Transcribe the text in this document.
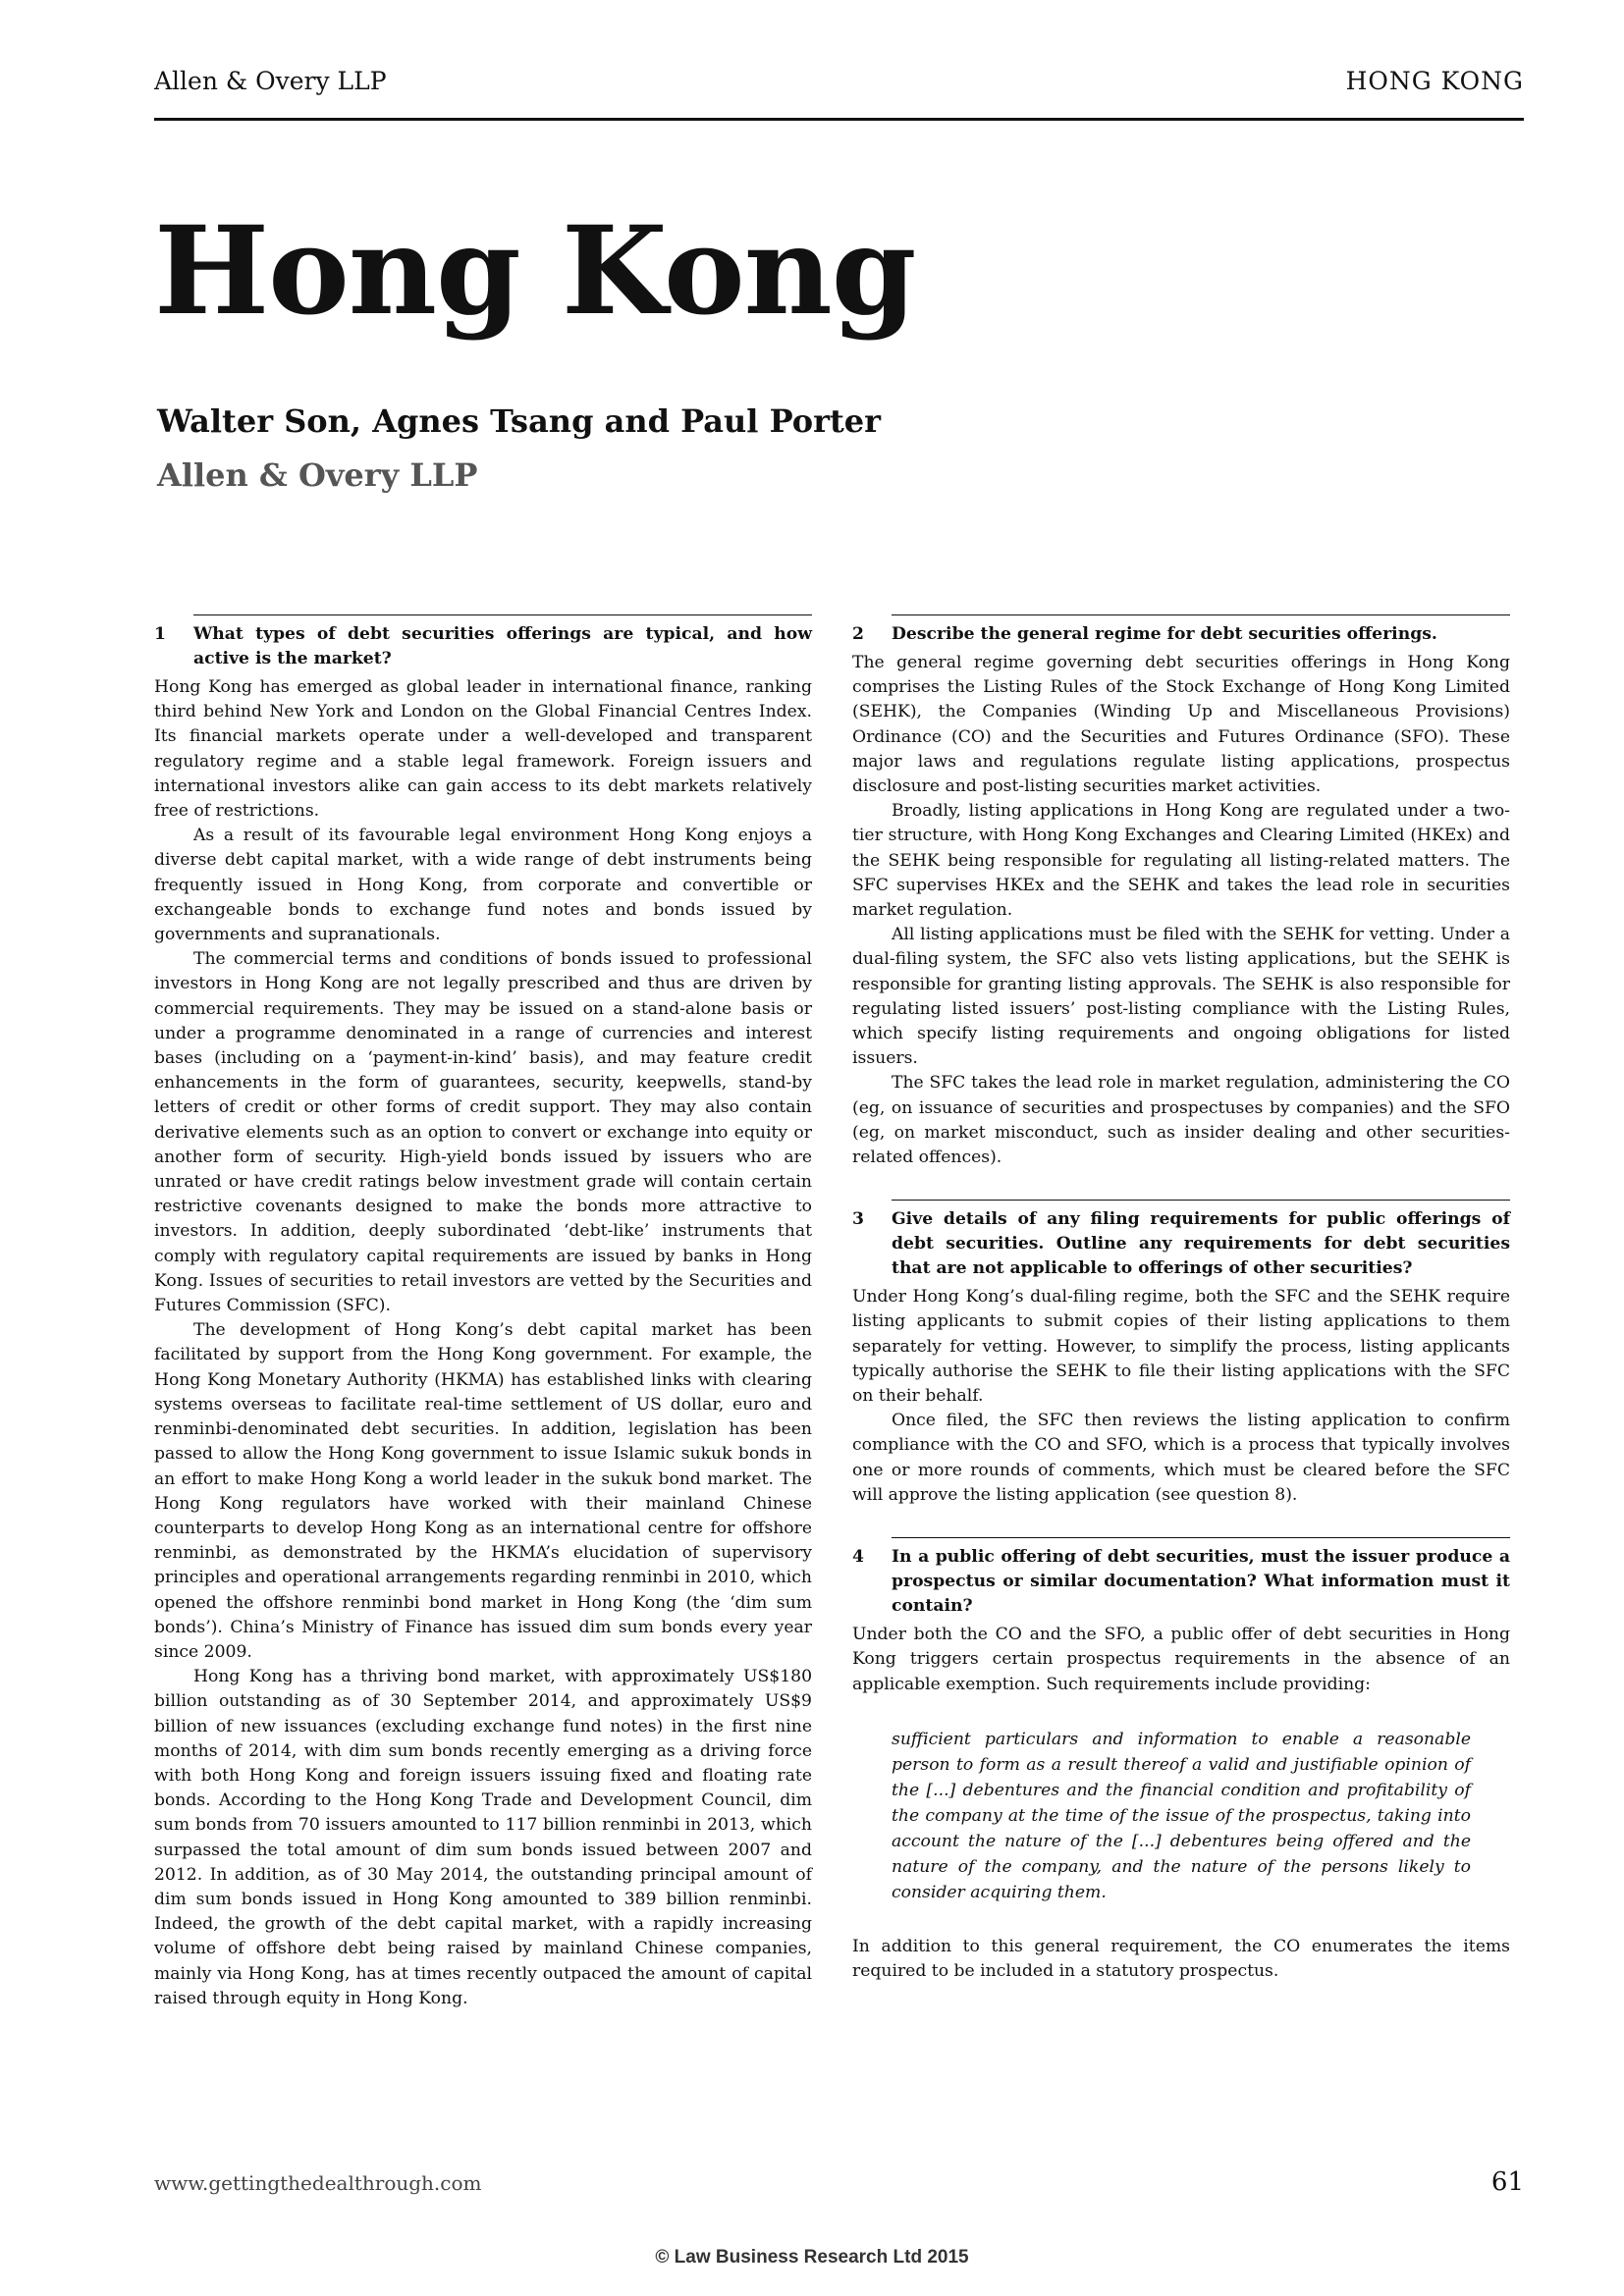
Allen & Overy LLP	HONG KONG
Hong Kong
Walter Son, Agnes Tsang and Paul Porter
Allen & Overy LLP
1 What types of debt securities offerings are typical, and how active is the market?

Hong Kong has emerged as global leader in international finance, ranking third behind New York and London on the Global Financial Centres Index. Its financial markets operate under a well-developed and transparent regulatory regime and a stable legal framework. Foreign issuers and international investors alike can gain access to its debt markets relatively free of restrictions.

As a result of its favourable legal environment Hong Kong enjoys a diverse debt capital market, with a wide range of debt instruments being frequently issued in Hong Kong, from corporate and convertible or exchangeable bonds to exchange fund notes and bonds issued by governments and supranationals.

The commercial terms and conditions of bonds issued to professional investors in Hong Kong are not legally prescribed and thus are driven by commercial requirements. They may be issued on a stand-alone basis or under a programme denominated in a range of currencies and interest bases (including on a ‘payment-in-kind’ basis), and may feature credit enhancements in the form of guarantees, security, keepwells, stand-by letters of credit or other forms of credit support. They may also contain derivative elements such as an option to convert or exchange into equity or another form of security. High-yield bonds issued by issuers who are unrated or have credit ratings below investment grade will contain certain restrictive covenants designed to make the bonds more attractive to investors. In addition, deeply subordinated ‘debt-like’ instruments that comply with regulatory capital requirements are issued by banks in Hong Kong. Issues of securities to retail investors are vetted by the Securities and Futures Commission (SFC).

The development of Hong Kong’s debt capital market has been facilitated by support from the Hong Kong government. For example, the Hong Kong Monetary Authority (HKMA) has established links with clearing systems overseas to facilitate real-time settlement of US dollar, euro and renminbi-denominated debt securities. In addition, legislation has been passed to allow the Hong Kong government to issue Islamic sukuk bonds in an effort to make Hong Kong a world leader in the sukuk bond market. The Hong Kong regulators have worked with their mainland Chinese counterparts to develop Hong Kong as an international centre for offshore renminbi, as demonstrated by the HKMA’s elucidation of supervisory principles and operational arrangements regarding renminbi in 2010, which opened the offshore renminbi bond market in Hong Kong (the ‘dim sum bonds’). China’s Ministry of Finance has issued dim sum bonds every year since 2009.

Hong Kong has a thriving bond market, with approximately US$180 billion outstanding as of 30 September 2014, and approximately US$9 billion of new issuances (excluding exchange fund notes) in the first nine months of 2014, with dim sum bonds recently emerging as a driving force with both Hong Kong and foreign issuers issuing fixed and floating rate bonds. According to the Hong Kong Trade and Development Council, dim sum bonds from 70 issuers amounted to 117 billion renminbi in 2013, which surpassed the total amount of dim sum bonds issued between 2007 and 2012. In addition, as of 30 May 2014, the outstanding principal amount of dim sum bonds issued in Hong Kong amounted to 389 billion renminbi. Indeed, the growth of the debt capital market, with a rapidly increasing volume of offshore debt being raised by mainland Chinese companies, mainly via Hong Kong, has at times recently outpaced the amount of capital raised through equity in Hong Kong.

2 Describe the general regime for debt securities offerings.

The general regime governing debt securities offerings in Hong Kong comprises the Listing Rules of the Stock Exchange of Hong Kong Limited (SEHK), the Companies (Winding Up and Miscellaneous Provisions) Ordinance (CO) and the Securities and Futures Ordinance (SFO). These major laws and regulations regulate listing applications, prospectus disclosure and post-listing securities market activities.

Broadly, listing applications in Hong Kong are regulated under a two-tier structure, with Hong Kong Exchanges and Clearing Limited (HKEx) and the SEHK being responsible for regulating all listing-related matters. The SFC supervises HKEx and the SEHK and takes the lead role in securities market regulation.

All listing applications must be filed with the SEHK for vetting. Under a dual-filing system, the SFC also vets listing applications, but the SEHK is responsible for granting listing approvals. The SEHK is also responsible for regulating listed issuers’ post-listing compliance with the Listing Rules, which specify listing requirements and ongoing obligations for listed issuers.

The SFC takes the lead role in market regulation, administering the CO (eg, on issuance of securities and prospectuses by companies) and the SFO (eg, on market misconduct, such as insider dealing and other securities-related offences).

3 Give details of any filing requirements for public offerings of debt securities. Outline any requirements for debt securities that are not applicable to offerings of other securities?

Under Hong Kong’s dual-filing regime, both the SFC and the SEHK require listing applicants to submit copies of their listing applications to them separately for vetting. However, to simplify the process, listing applicants typically authorise the SEHK to file their listing applications with the SFC on their behalf.

Once filed, the SFC then reviews the listing application to confirm compliance with the CO and SFO, which is a process that typically involves one or more rounds of comments, which must be cleared before the SFC will approve the listing application (see question 8).

4 In a public offering of debt securities, must the issuer produce a prospectus or similar documentation? What information must it contain?

Under both the CO and the SFO, a public offer of debt securities in Hong Kong triggers certain prospectus requirements in the absence of an applicable exemption. Such requirements include providing:

sufficient particulars and information to enable a reasonable person to form as a result thereof a valid and justifiable opinion of the [...] debentures and the financial condition and profitability of the company at the time of the issue of the prospectus, taking into account the nature of the [...] debentures being offered and the nature of the company, and the nature of the persons likely to consider acquiring them.

In addition to this general requirement, the CO enumerates the items required to be included in a statutory prospectus.

www.gettingthedealthrough.com	61
© Law Business Research Ltd 2015
